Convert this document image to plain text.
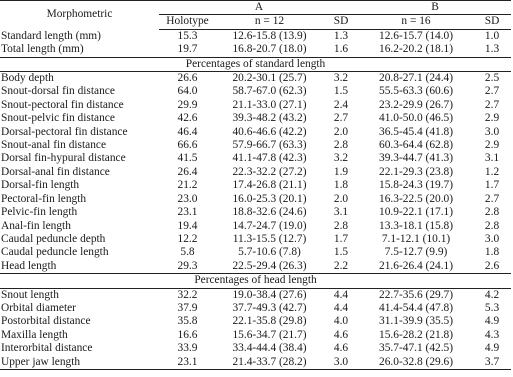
Morphometric	A			B	
	Holotype	n = 12	SD	n = 16	SD
Standard length (mm)	15.3	12.6-15.8 (13.9)	1.3	12.6-15.7 (14.0)	1.0
Total length (mm)	19.7	16.8-20.7 (18.0)	1.6	16.2-20.2 (18.1)	1.3
Percentages of standard length					
Body depth	26.6	20.2-30.1 (25.7)	3.2	20.8-27.1 (24.4)	2.5
Snout-dorsal fin distance	64.0	58.7-67.0 (62.3)	1.5	55.5-63.3 (60.6)	2.7
Snout-pectoral fin distance	29.9	21.1-33.0 (27.1)	2.4	23.2-29.9 (26.7)	2.7
Snout-pelvic fin distance	42.6	39.3-48.2 (43.2)	2.7	41.0-50.0 (46.5)	2.9
Dorsal-pectoral fin distance	46.4	40.6-46.6 (42.2)	2.0	36.5-45.4 (41.8)	3.0
Snout-anal fin distance	66.6	57.9-66.7 (63.3)	2.8	60.3-64.4 (62.8)	2.9
Dorsal fin-hypural distance	41.5	41.1-47.8 (42.3)	3.2	39.3-44.7 (41.3)	3.1
Dorsal-anal fin distance	26.4	22.3-32.2 (27.2)	1.9	22.1-29.3 (23.8)	1.2
Dorsal-fin length	21.2	17.4-26.8 (21.1)	1.8	15.8-24.3 (19.7)	1.7
Pectoral-fin length	23.0	16.0-25.3 (20.1)	2.0	16.3-22.5 (20.0)	2.7
Pelvic-fin length	23.1	18.8-32.6 (24.6)	3.1	10.9-22.1 (17.1)	2.8
Anal-fin length	19.4	14.7-24.7 (19.0)	2.8	13.3-18.1 (15.8)	2.8
Caudal peduncle depth	12.2	11.3-15.5 (12.7)	1.7	7.1-12.1 (10.1)	3.0
Caudal peduncle length	5.8	5.7-10.6 (7.8)	1.5	7.5-12.7 (9.9)	1.8
Head length	29.3	22.5-29.4 (26.3)	2.2	21.6-26.4 (24.1)	2.6
Percentages of head length					
Snout length	32.2	19.0-38.4 (27.6)	4.4	22.7-35.6 (29.7)	4.2
Orbital diameter	37.9	37.7-49.3 (42.7)	4.4	41.4-54.4 (47.8)	5.3
Postorbital distance	35.8	22.1-35.8 (29.8)	4.0	31.1-39.9 (35.5)	4.9
Maxilla length	16.6	15.6-34.7 (21.7)	4.6	15.6-28.2 (21.8)	4.3
Interorbital distance	33.9	33.4-44.4 (38.4)	4.6	35.7-47.1 (42.5)	4.9
Upper jaw length	23.1	21.4-33.7 (28.2)	3.0	26.0-32.8 (29.6)	3.7
